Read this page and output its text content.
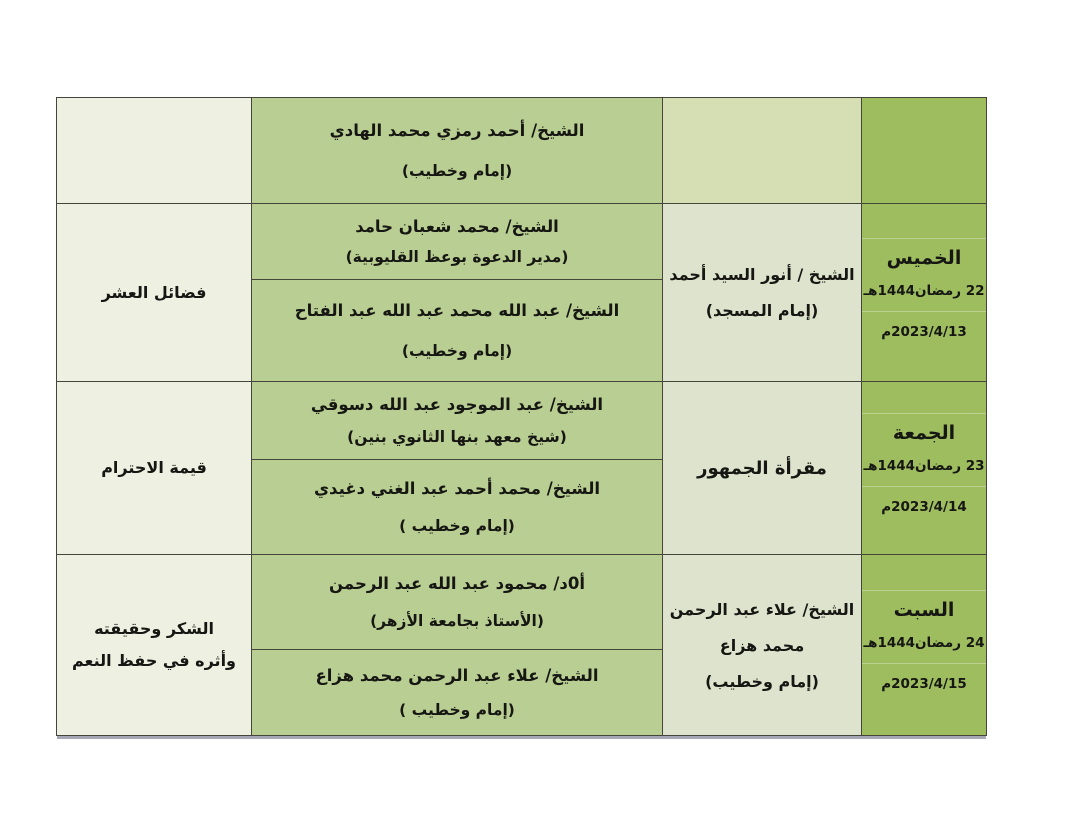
الشيخ/ أحمد رمزي محمد الهادي
(إمام وخطيب)
الخميس
22 رمضان1444هـ
2023/4/13م
الشيخ / أنور السيد أحمد
(إمام المسجد)
الشيخ/ محمد شعبان حامد
(مدير الدعوة بوعظ القليوبية)
الشيخ/ عبد الله محمد عبد الله عبد الفتاح
(إمام وخطيب)
فضائل العشر
الجمعة
23 رمضان1444هـ
2023/4/14م
مقرأة الجمهور
الشيخ/ عبد الموجود عبد الله دسوقي
(شيخ معهد بنها الثانوي بنين)
الشيخ/ محمد أحمد عبد الغني دغيدي
(إمام وخطيب )
قيمة الاحترام
السبت
24 رمضان1444هـ
2023/4/15م
الشيخ/ علاء عبد الرحمن
محمد هزاع
(إمام وخطيب)
أ0د/ محمود عبد الله عبد الرحمن
(الأستاذ بجامعة الأزهر)
الشيخ/ علاء عبد الرحمن محمد هزاع
(إمام وخطيب )
الشكر وحقيقته وأثره في حفظ النعم
